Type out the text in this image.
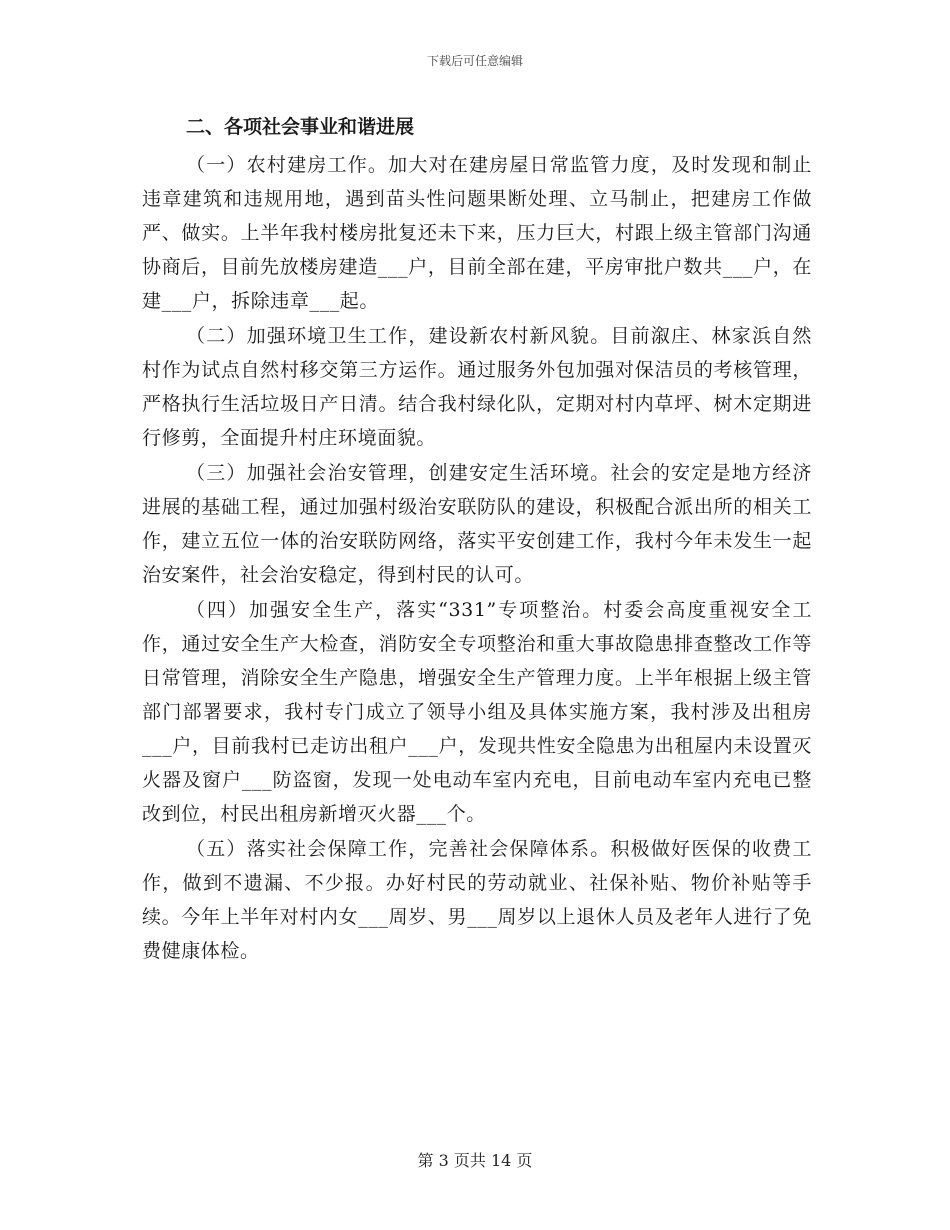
下载后可任意编辑
二、各项社会事业和谐进展

（一）农村建房工作。加大对在建房屋日常监管力度，及时发现和制止违章建筑和违规用地，遇到苗头性问题果断处理、立马制止，把建房工作做严、做实。上半年我村楼房批复还未下来，压力巨大，村跟上级主管部门沟通协商后，目前先放楼房建造___户，目前全部在建，平房审批户数共___户，在建___户，拆除违章___起。

（二）加强环境卫生工作，建设新农村新风貌。目前溆庄、林家浜自然村作为试点自然村移交第三方运作。通过服务外包加强对保洁员的考核管理，严格执行生活垃圾日产日清。结合我村绿化队，定期对村内草坪、树木定期进行修剪，全面提升村庄环境面貌。

（三）加强社会治安管理，创建安定生活环境。社会的安定是地方经济进展的基础工程，通过加强村级治安联防队的建设，积极配合派出所的相关工作，建立五位一体的治安联防网络，落实平安创建工作，我村今年未发生一起治安案件，社会治安稳定，得到村民的认可。

（四）加强安全生产，落实“331”专项整治。村委会高度重视安全工作，通过安全生产大检查，消防安全专项整治和重大事故隐患排查整改工作等日常管理，消除安全生产隐患，增强安全生产管理力度。上半年根据上级主管部门部署要求，我村专门成立了领导小组及具体实施方案，我村涉及出租房___户，目前我村已走访出租户___户，发现共性安全隐患为出租屋内未设置灭火器及窗户___防盗窗，发现一处电动车室内充电，目前电动车室内充电已整改到位，村民出租房新增灭火器___个。

（五）落实社会保障工作，完善社会保障体系。积极做好医保的收费工作，做到不遗漏、不少报。办好村民的劳动就业、社保补贴、物价补贴等手续。今年上半年对村内女___周岁、男___周岁以上退休人员及老年人进行了免费健康体检。

第 3 页共 14 页
